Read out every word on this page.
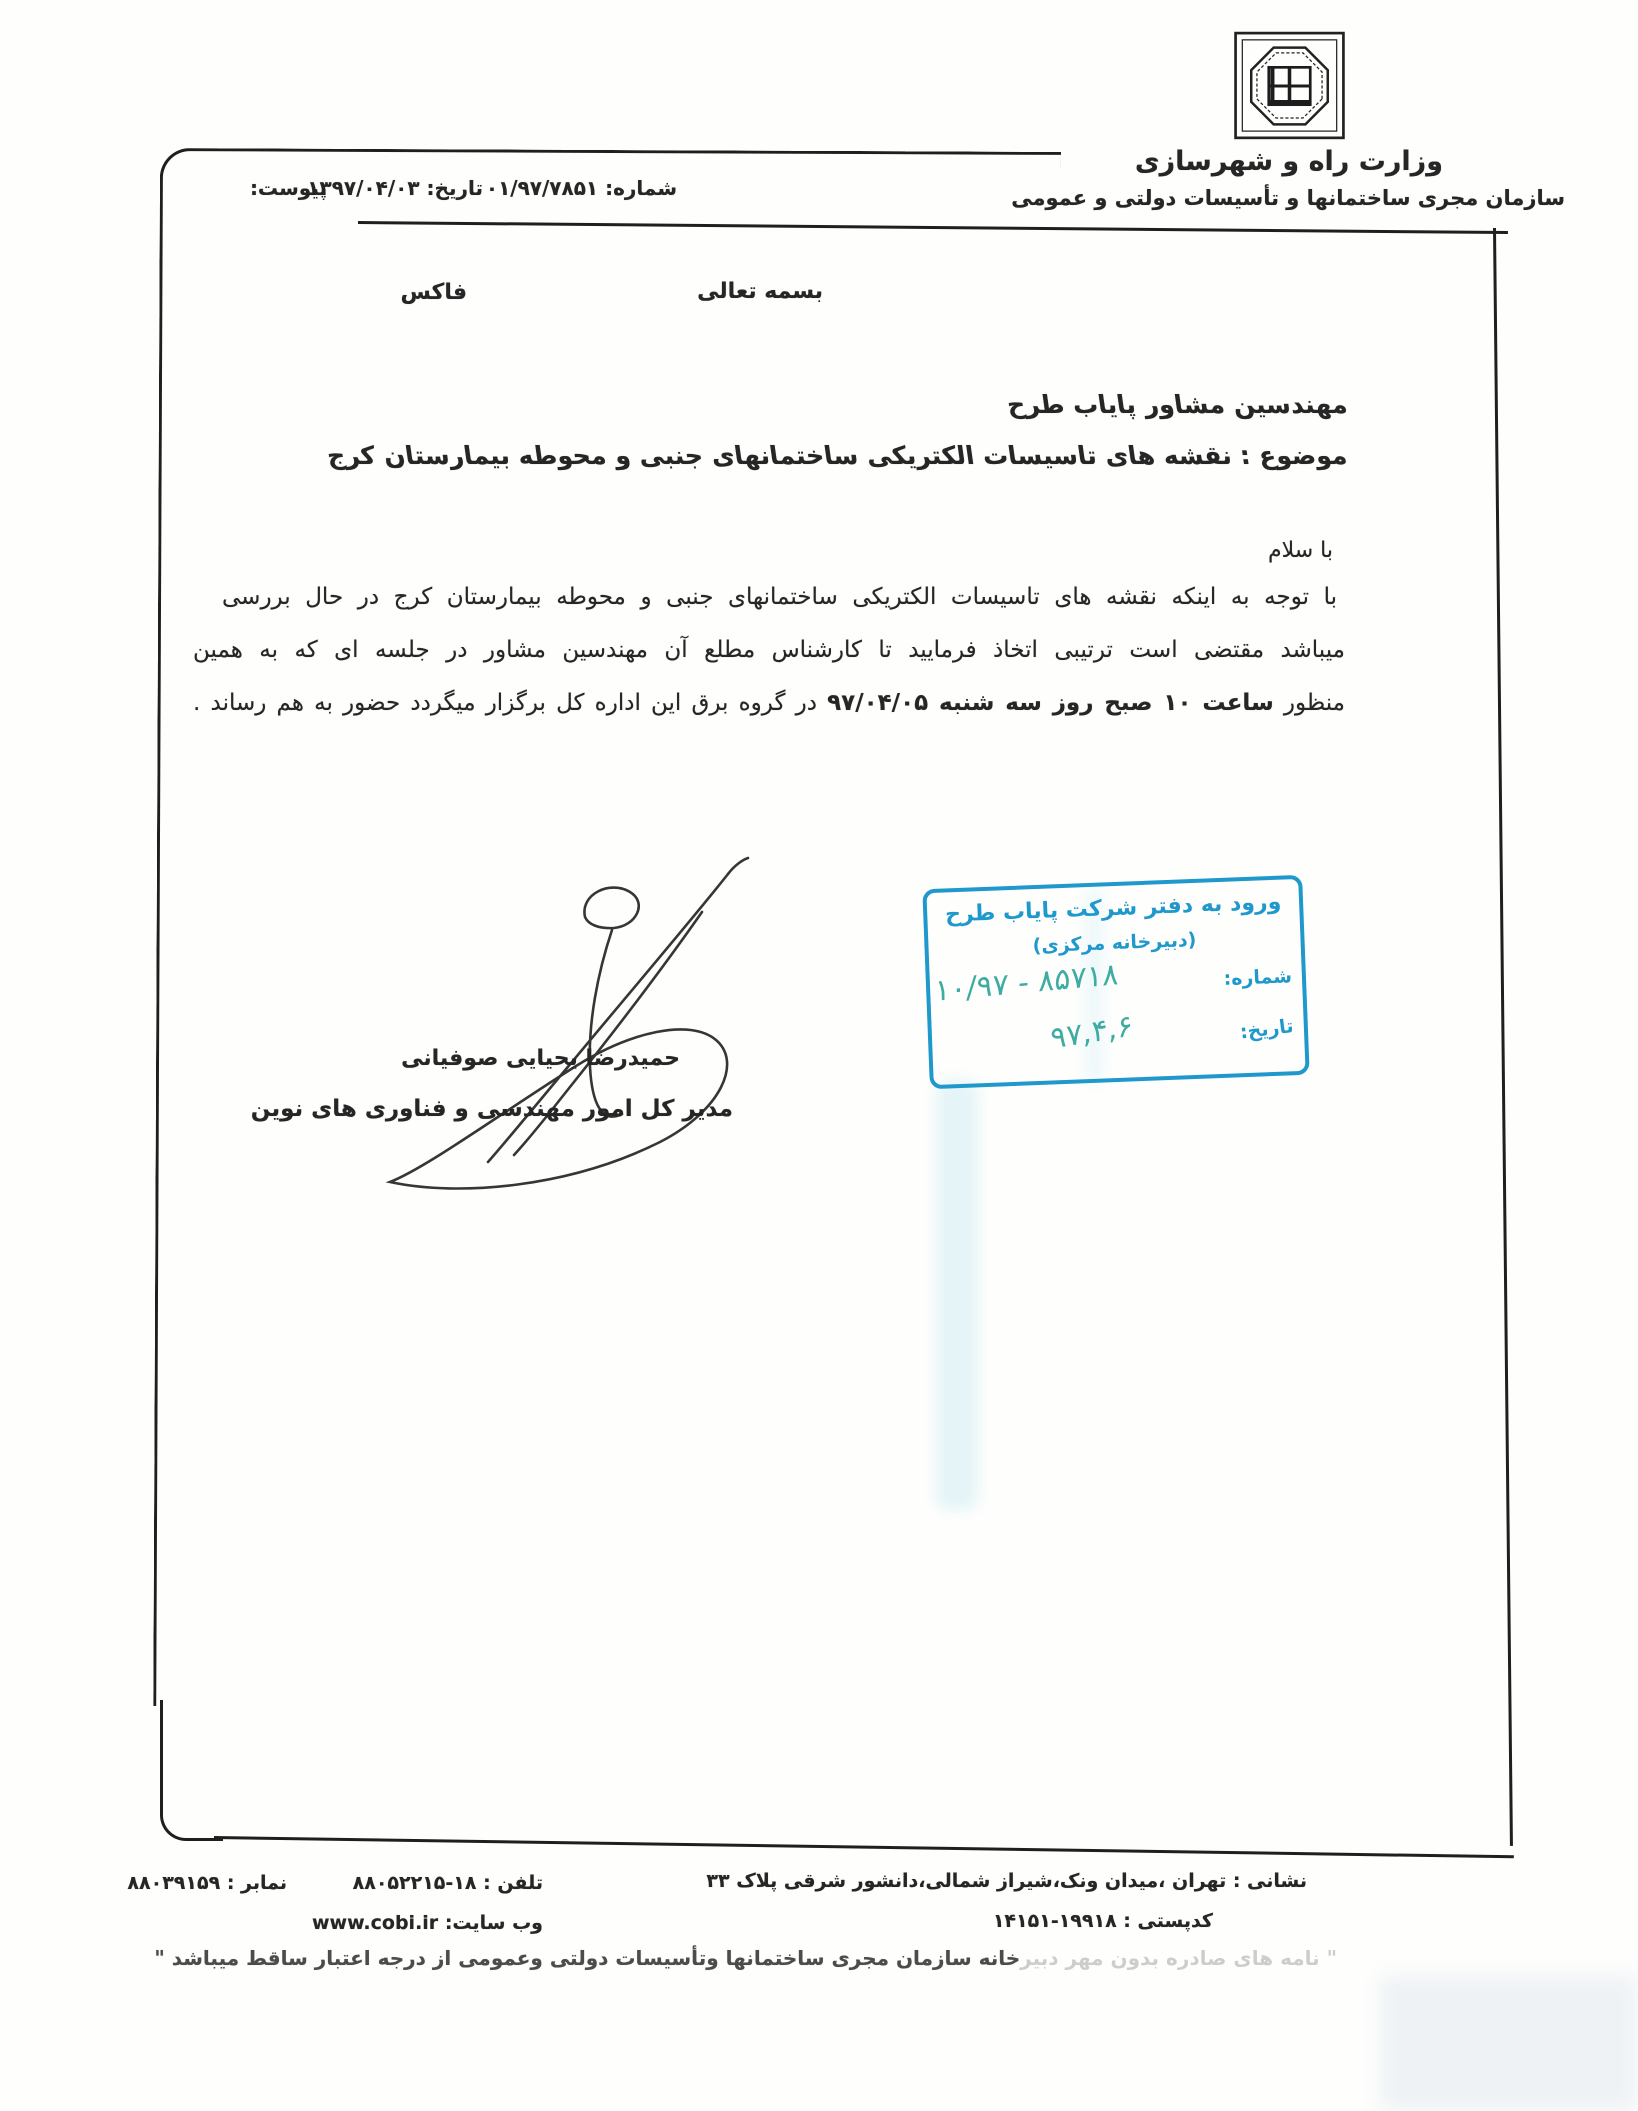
وزارت راه و شهرسازی
سازمان مجری ساختمانها و تأسیسات دولتی و عمومی
شماره: ۰۱/۹۷/۷۸۵۱
تاریخ: ۱۳۹۷/۰۴/۰۳
پیوست:
بسمه تعالی
فاکس
مهندسین مشاور پایاب طرح
موضوع : نقشه های تاسیسات الکتریکی ساختمانهای جنبی و محوطه بیمارستان کرج
با سلام
با توجه به اینکه نقشه های تاسیسات الکتریکی ساختمانهای جنبی و محوطه بیمارستان کرج در حال بررسی
میباشد مقتضی است ترتیبی اتخاذ فرمایید تا کارشناس مطلع آن مهندسین مشاور در جلسه ای که به همین
منظور ساعت ۱۰ صبح روز سه شنبه ۹۷/۰۴/۰۵ در گروه برق این اداره کل برگزار میگردد حضور به هم رساند .
ورود به دفتر شرکت پایاب طرح
(دبیرخانه مرکزی)
شماره:
۱۰/۹۷ - ۸۵۷۱۸
تاریخ:
۹۷,۴,۶
حمیدرضا یحیایی صوفیانی
مدیر کل امور مهندسی و فناوری های نوین
نشانی : تهران ،میدان ونک،شیراز شمالی،دانشور شرقی پلاک ۳۳
تلفن : ۱۸-۸۸۰۵۲۲۱۵
نمابر : ۸۸۰۳۹۱۵۹
کدپستی : ۱۹۹۱۸-۱۴۱۵۱
وب سایت: www.cobi.ir
" نامه های صادره بدون مهر دبیرخانه سازمان مجری ساختمانها وتأسیسات دولتی وعمومی از درجه اعتبار ساقط میباشد "
